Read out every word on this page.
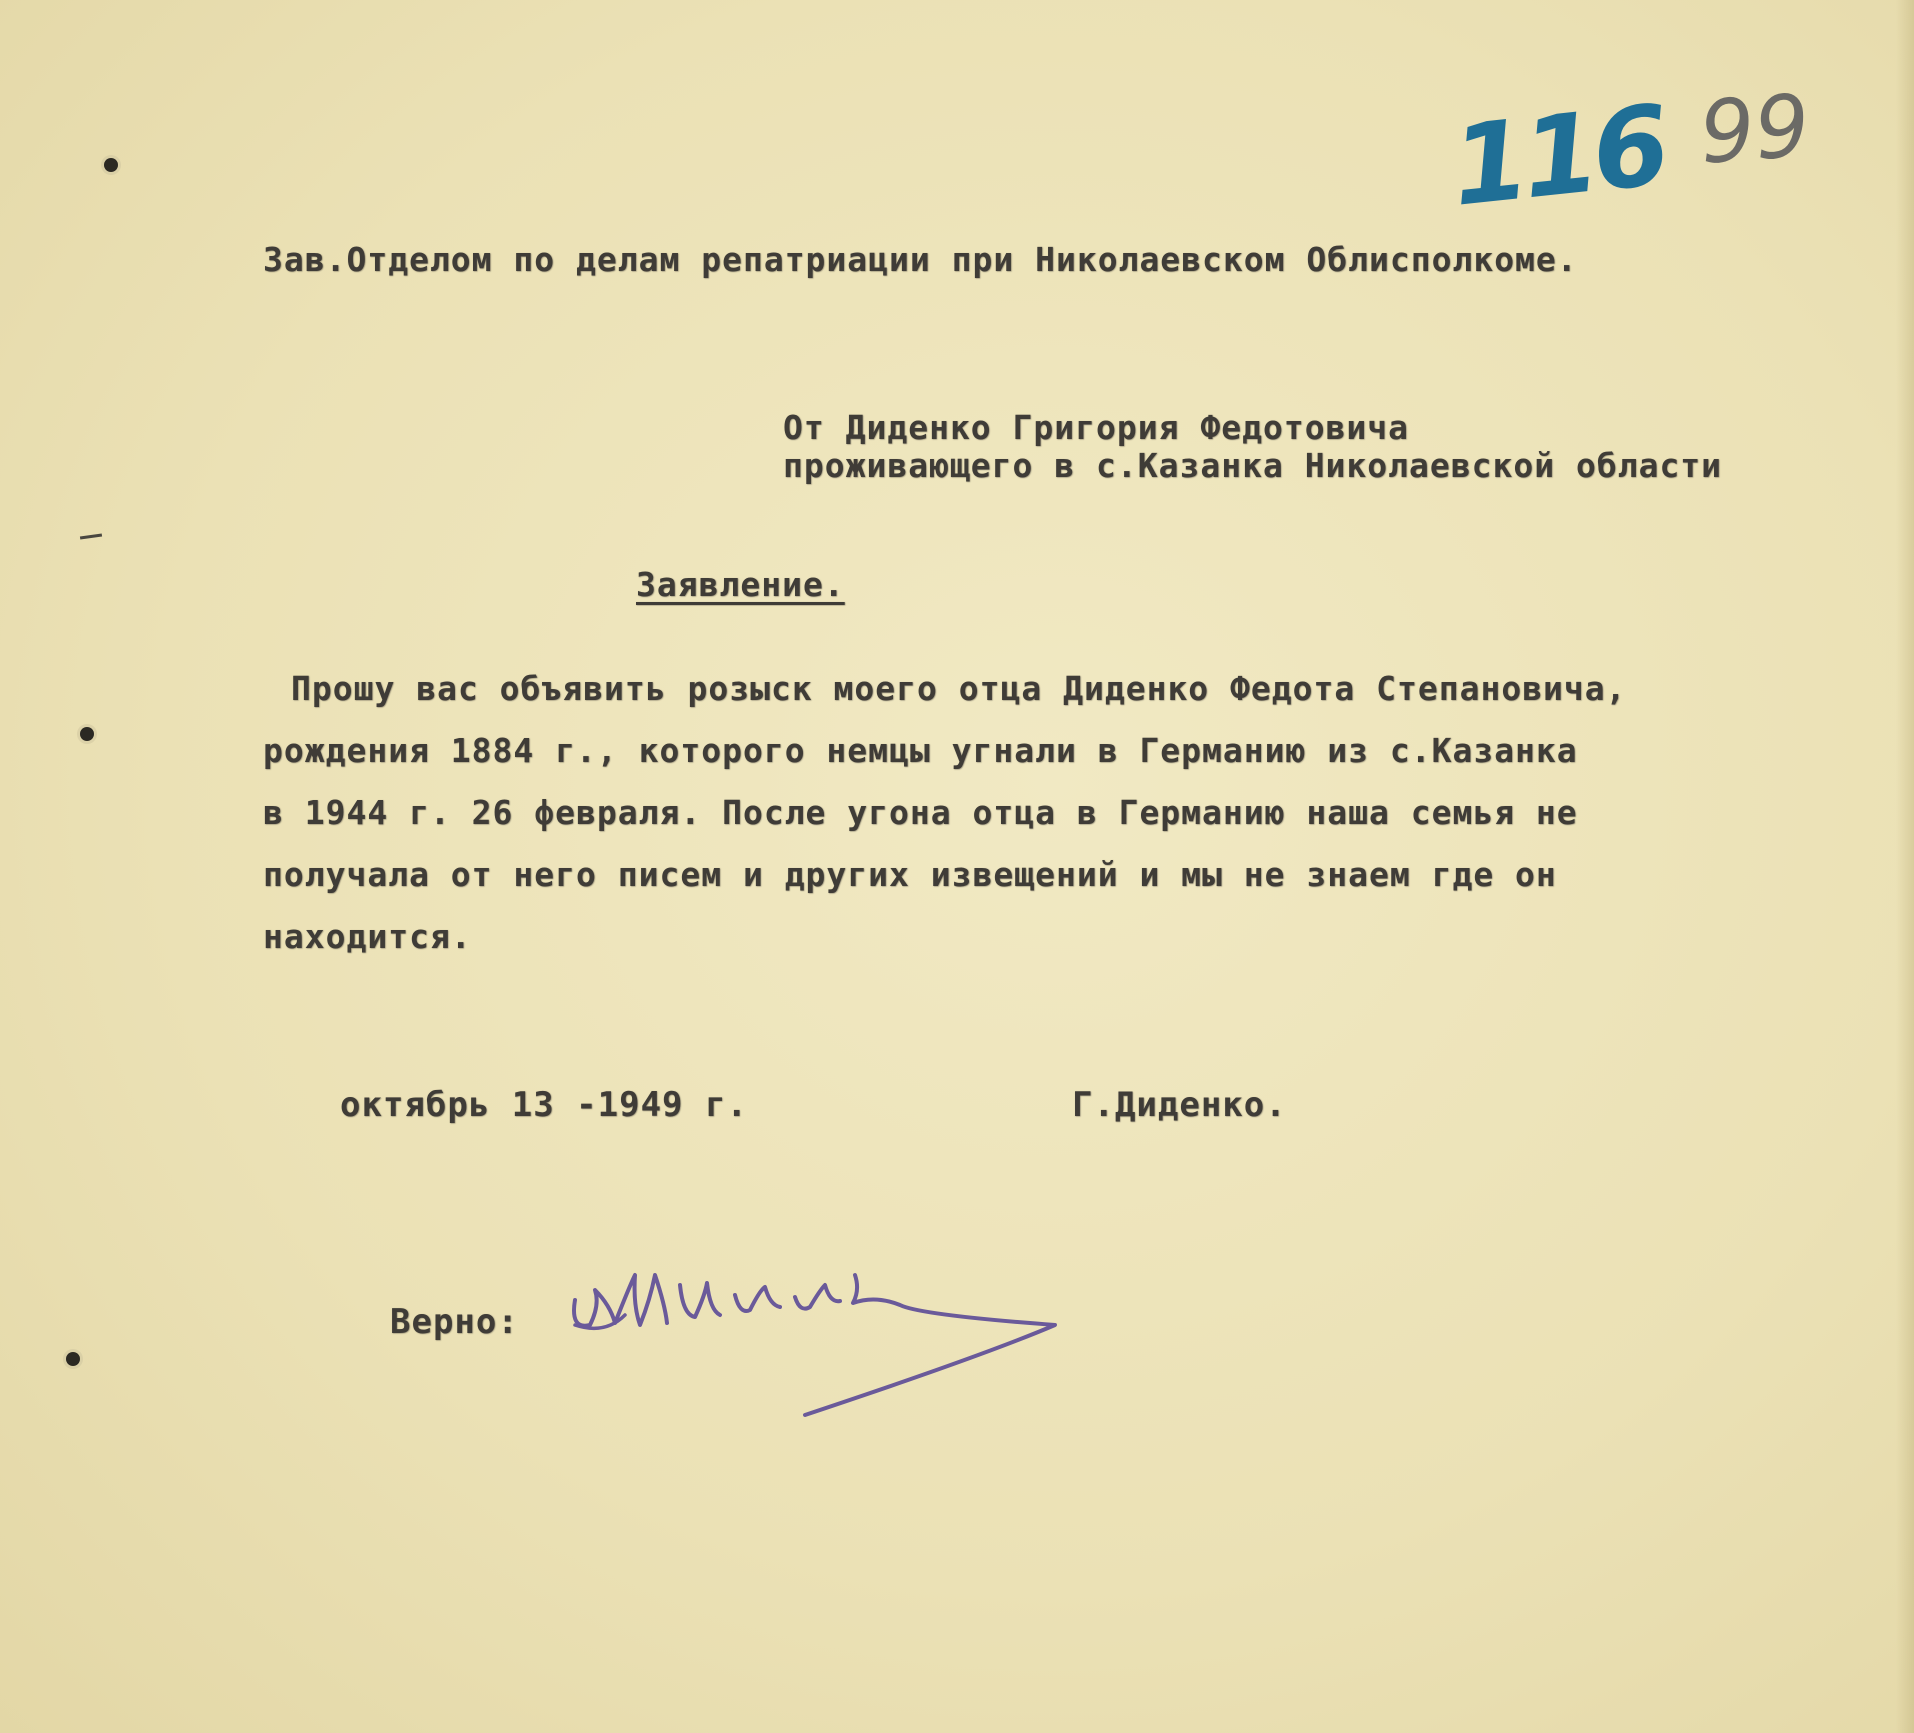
116 99
Зав.Отделом по делам репатриации при Николаевском Облисполкоме.
От Диденко Григория Федотовича
проживающего в с.Казанка Николаевской области
Заявление.
Прошу вас объявить розыск моего отца Диденко Федота Степановича,
рождения 1884 г., которого немцы угнали в Германию из с.Казанка
в 1944 г. 26 февраля. После угона отца в Германию наша семья не
получала от него писем и других извещений и мы не знаем где он
находится.
октябрь 13 -1949 г.	Г.Диденко.
Верно:
